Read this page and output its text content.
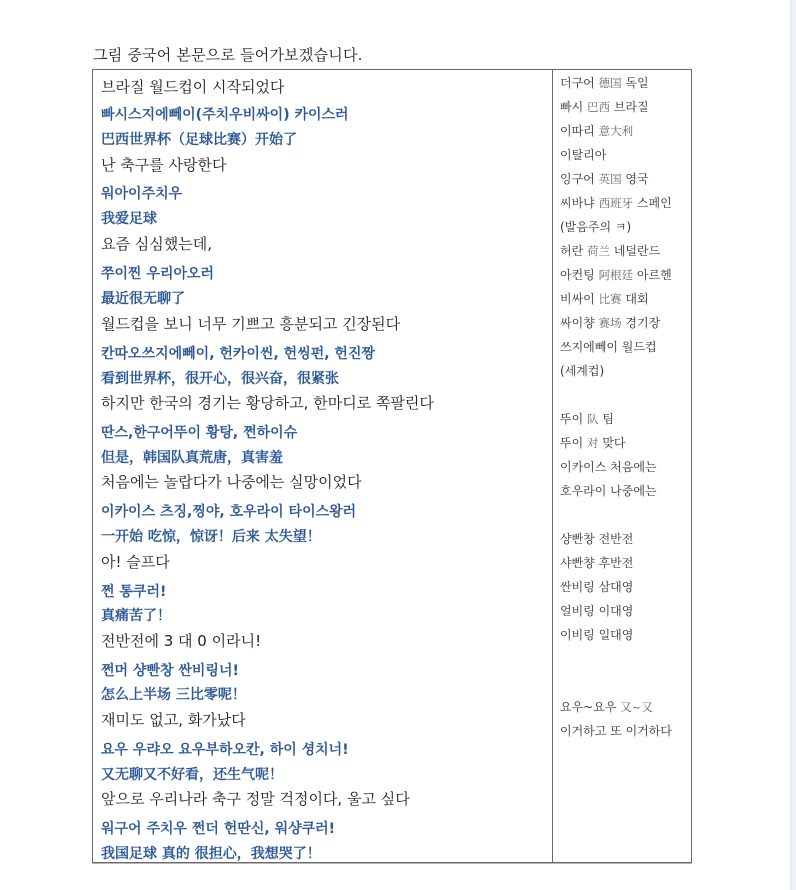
그림 중국어 본문으로 들어가보겠습니다.
브라질 월드컵이 시작되었다
빠시스지에뻬이(주치우비싸이) 카이스러
巴西世界杯（足球比赛）开始了
난 축구를 사랑한다
워아이주치우
我爱足球
요즘 심심했는데,
쭈이찐 우리아오러
最近很无聊了
월드컵을 보니 너무 기쁘고 흥분되고 긴장된다
칸따오쓰지에뻬이, 헌카이씬, 헌씽펀, 헌진짱
看到世界杯，很开心，很兴奋，很紧张
하지만 한국의 경기는 황당하고, 한마디로 쪽팔린다
딴스,한구어뚜이 황탕, 쩐하이슈
但是，韩国队真荒唐，真害羞
처음에는 놀랍다가 나중에는 실망이었다
이카이스 츠징,찡야, 호우라이 타이스왕러
一开始 吃惊，惊讶！后来 太失望！
아! 슬프다
쩐 통쿠러!
真痛苦了！
전반전에 3 대 0 이라니!
쩐머 샹빤창 싼비링너!
怎么上半场 三比零呢！
재미도 없고, 화가났다
요우 우랴오 요우부하오칸, 하이 셩치너!
又无聊又不好看，还生气呢！
앞으로 우리나라 축구 정말 걱정이다, 울고 싶다
워구어 주치우 쩐더 헌딴신, 워샹쿠러!
我国足球 真的 很担心，我想哭了！
더구어 德国 독일
빠시 巴西 브라질
이따리 意大利
이탈리아
잉구어 英国 영국
씨바냐 西班牙 스페인
(발음주의 ㅋ)
허란 荷兰 네덜란드
아컨팅 阿根廷 아르헨
비싸이 比赛 대회
싸이챵 赛场 경기장
쓰지에뻬이 월드컵
(세계컵)
뚜이 队 팀
뚜이 对 맞다
이카이스 처음에는
호우라이 나중에는
샹빤창 전반전
샤빤챵 후반전
싼비링 삼대영
얼비링 이대영
이비링 일대영
요우~요우 又~又
이거하고 또 이거하다
